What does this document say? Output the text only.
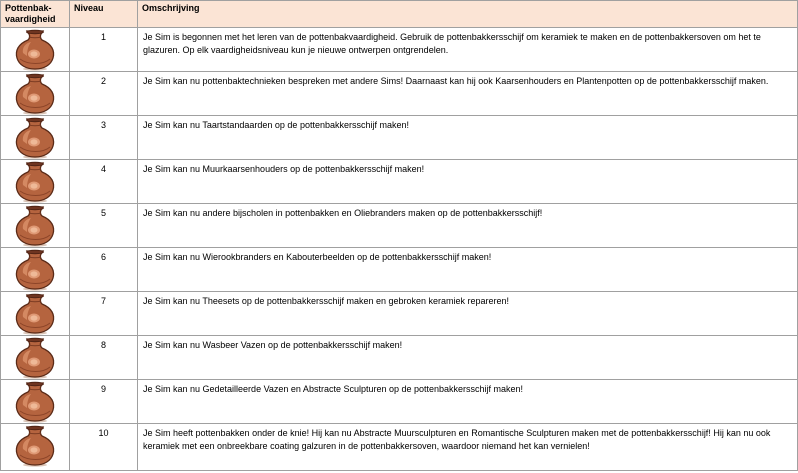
Pottenbak-
vaardigheid	Niveau	Omschrijving

	1	Je Sim is begonnen met het leren van de pottenbakvaardigheid. Gebruik de pottenbakkersschijf om keramiek te maken en de pottenbakkersoven om het te glazuren. Op elk vaardigheidsniveau kun je nieuwe ontwerpen ontgrendelen.

	2	Je Sim kan nu pottenbaktechnieken bespreken met andere Sims! Daarnaast kan hij ook Kaarsenhouders en Plantenpotten op de pottenbakkersschijf maken.

	3	Je Sim kan nu Taartstandaarden op de pottenbakkersschijf maken!

	4	Je Sim kan nu Muurkaarsenhouders op de pottenbakkersschijf maken!

	5	Je Sim kan nu andere bijscholen in pottenbakken en Oliebranders maken op de pottenbakkersschijf!

	6	Je Sim kan nu Wierookbranders en Kabouterbeelden op de pottenbakkersschijf maken!

	7	Je Sim kan nu Theesets op de pottenbakkersschijf maken en gebroken keramiek repareren!

	8	Je Sim kan nu Wasbeer Vazen op de pottenbakkersschijf maken!

	9	Je Sim kan nu Gedetailleerde Vazen en Abstracte Sculpturen op de pottenbakkersschijf maken!

	10	Je Sim heeft pottenbakken onder de knie! Hij kan nu Abstracte Muursculpturen en Romantische Sculpturen maken met de pottenbakkersschijf! Hij kan nu ook keramiek met een onbreekbare coating galzuren in de pottenbakkersoven, waardoor niemand het kan vernielen!
